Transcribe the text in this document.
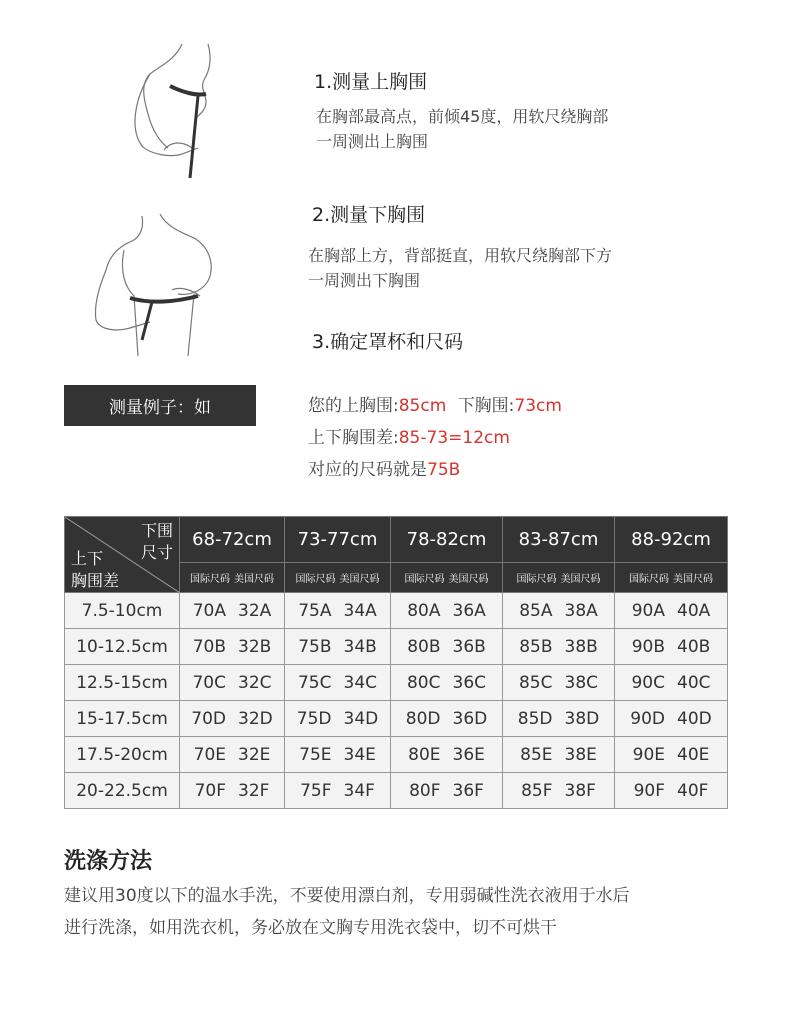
1.测量上胸围
在胸部最高点，前倾45度，用软尺绕胸部
一周测出上胸围
2.测量下胸围
在胸部上方，背部挺直，用软尺绕胸部下方
一周测出下胸围
3.确定罩杯和尺码
测量例子：如	您的上胸围:85cm 下胸围:73cm
上下胸围差:85-73=12cm
对应的尺码就是75B
下围
尺寸
上下
胸围差	68-72cm	73-77cm	78-82cm	83-87cm	88-92cm
	国际尺码 美国尺码	国际尺码 美国尺码	国际尺码 美国尺码	国际尺码 美国尺码	国际尺码 美国尺码
7.5-10cm	70A 32A	75A 34A	80A 36A	85A 38A	90A 40A
10-12.5cm	70B 32B	75B 34B	80B 36B	85B 38B	90B 40B
12.5-15cm	70C 32C	75C 34C	80C 36C	85C 38C	90C 40C
15-17.5cm	70D 32D	75D 34D	80D 36D	85D 38D	90D 40D
17.5-20cm	70E 32E	75E 34E	80E 36E	85E 38E	90E 40E
20-22.5cm	70F 32F	75F 34F	80F 36F	85F 38F	90F 40F
洗涤方法
建议用30度以下的温水手洗，不要使用漂白剂，专用弱碱性洗衣液用于水后
进行洗涤，如用洗衣机，务必放在文胸专用洗衣袋中，切不可烘干
